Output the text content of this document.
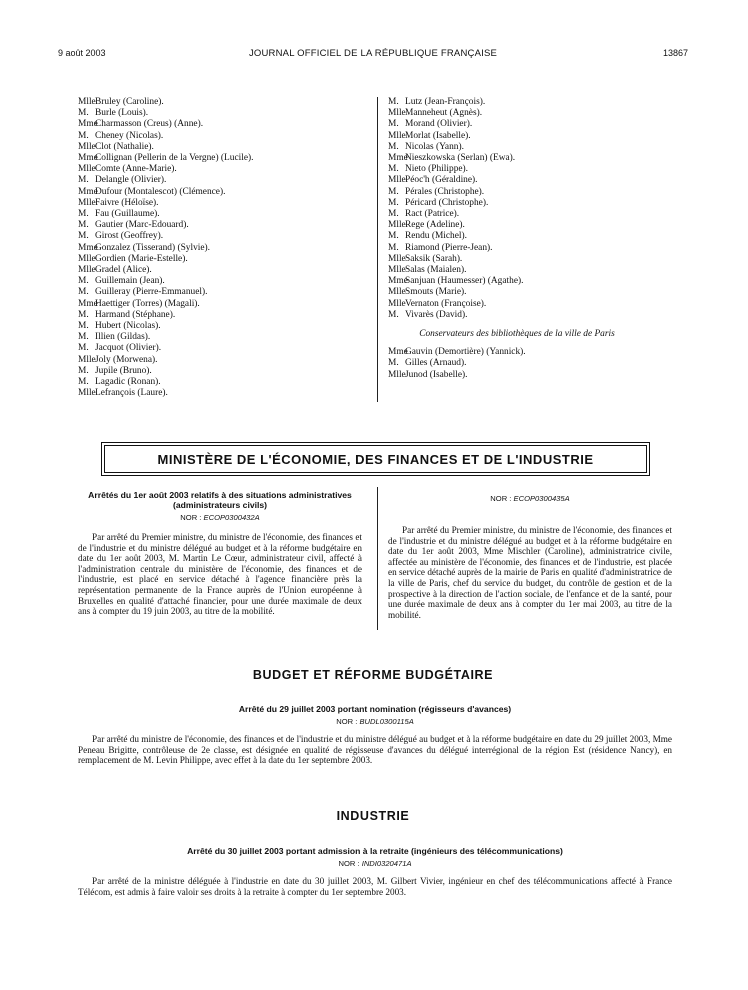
9 août 2003	JOURNAL OFFICIEL DE LA RÉPUBLIQUE FRANÇAISE	13867
MlleBruley (Caroline).
M. Burle (Louis).
MmeCharmasson (Creus) (Anne).
M. Cheney (Nicolas).
MlleClot (Nathalie).
MmeCollignan (Pellerin de la Vergne) (Lucile).
MlleComte (Anne-Marie).
M. Delangle (Olivier).
MmeDufour (Montalescot) (Clémence).
MlleFaivre (Héloïse).
M. Fau (Guillaume).
M. Gautier (Marc-Edouard).
M. Girost (Geoffrey).
MmeGonzalez (Tisserand) (Sylvie).
MlleGordien (Marie-Estelle).
MlleGradel (Alice).
M. Guillemain (Jean).
M. Guilleray (Pierre-Emmanuel).
MmeHaettiger (Torres) (Magali).
M. Harmand (Stéphane).
M. Hubert (Nicolas).
M. Illien (Gildas).
M. Jacquot (Olivier).
MlleJoly (Morwena).
M. Jupile (Bruno).
M. Lagadic (Ronan).
MlleLefrançois (Laure).
M. Lutz (Jean-François).
MlleManneheut (Agnès).
M. Morand (Olivier).
MlleMorlat (Isabelle).
M. Nicolas (Yann).
MmeNieszkowska (Serlan) (Ewa).
M. Nieto (Philippe).
MllePéoc'h (Géraldine).
M. Pérales (Christophe).
M. Péricard (Christophe).
M. Ract (Patrice).
MlleRege (Adeline).
M. Rendu (Michel).
M. Riamond (Pierre-Jean).
MlleSaksik (Sarah).
MlleSalas (Maialen).
MmeSanjuan (Haumesser) (Agathe).
MlleSmouts (Marie).
MlleVernaton (Françoise).
M. Vivarès (David).
Conservateurs des bibliothèques de la ville de Paris
MmeGauvin (Demortière) (Yannick).
M. Gilles (Arnaud).
MlleJunod (Isabelle).
MINISTÈRE DE L'ÉCONOMIE, DES FINANCES ET DE L'INDUSTRIE
Arrêtés du 1er août 2003 relatifs à des situations administratives (administrateurs civils)
NOR : ECOP0300432A
Par arrêté du Premier ministre, du ministre de l'économie, des finances et de l'industrie et du ministre délégué au budget et à la réforme budgétaire en date du 1er août 2003, M. Martin Le Cœur, administrateur civil, affecté à l'administration centrale du ministère de l'économie, des finances et de l'industrie, est placé en service détaché à l'agence financière près la représentation permanente de la France auprès de l'Union européenne à Bruxelles en qualité d'attaché financier, pour une durée maximale de deux ans à compter du 19 juin 2003, au titre de la mobilité.
NOR : ECOP0300435A
Par arrêté du Premier ministre, du ministre de l'économie, des finances et de l'industrie et du ministre délégué au budget et à la réforme budgétaire en date du 1er août 2003, Mme Mischler (Caroline), administratrice civile, affectée au ministère de l'économie, des finances et de l'industrie, est placée en service détaché auprès de la mairie de Paris en qualité d'administratrice de la ville de Paris, chef du service du budget, du contrôle de gestion et de la prospective à la direction de l'action sociale, de l'enfance et de la santé, pour une durée maximale de deux ans à compter du 1er mai 2003, au titre de la mobilité.
BUDGET ET RÉFORME BUDGÉTAIRE
Arrêté du 29 juillet 2003 portant nomination (régisseurs d'avances)
NOR : BUDL0300115A
Par arrêté du ministre de l'économie, des finances et de l'industrie et du ministre délégué au budget et à la réforme budgétaire en date du 29 juillet 2003, Mme Peneau Brigitte, contrôleuse de 2e classe, est désignée en qualité de régisseuse d'avances du délégué interrégional de la région Est (résidence Nancy), en remplacement de M. Levin Philippe, avec effet à la date du 1er septembre 2003.
INDUSTRIE
Arrêté du 30 juillet 2003 portant admission à la retraite (ingénieurs des télécommunications)
NOR : INDI0320471A
Par arrêté de la ministre déléguée à l'industrie en date du 30 juillet 2003, M. Gilbert Vivier, ingénieur en chef des télécommunications affecté à France Télécom, est admis à faire valoir ses droits à la retraite à compter du 1er septembre 2003.
